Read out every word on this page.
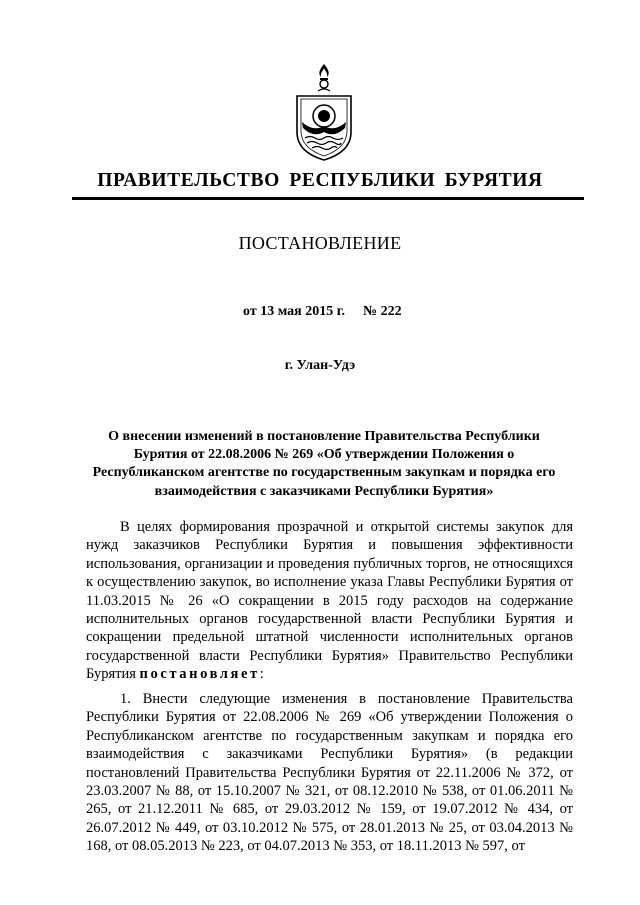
ПРАВИТЕЛЬСТВО РЕСПУБЛИКИ БУРЯТИЯ
ПОСТАНОВЛЕНИЕ
от 13 мая 2015 г. № 222
г. Улан-Удэ
О внесении изменений в постановление Правительства Республики Бурятия от 22.08.2006 № 269 «Об утверждении Положения о Республиканском агентстве по государственным закупкам и порядка его взаимодействия с заказчиками Республики Бурятия»
В целях формирования прозрачной и открытой системы закупок для нужд заказчиков Республики Бурятия и повышения эффективности использования, организации и проведения публичных торгов, не относящихся к осуществлению закупок, во исполнение указа Главы Республики Бурятия от 11.03.2015 № 26 «О сокращении в 2015 году расходов на содержание исполнительных органов государственной власти Республики Бурятия и сокращении предельной штатной численности исполнительных органов государственной власти Республики Бурятия» Правительство Республики Бурятия постановляет:
1. Внести следующие изменения в постановление Правительства Республики Бурятия от 22.08.2006 № 269 «Об утверждении Положения о Республиканском агентстве по государственным закупкам и порядка его взаимодействия с заказчиками Республики Бурятия» (в редакции постановлений Правительства Республики Бурятия от 22.11.2006 № 372, от 23.03.2007 № 88, от 15.10.2007 № 321, от 08.12.2010 № 538, от 01.06.2011 № 265, от 21.12.2011 № 685, от 29.03.2012 № 159, от 19.07.2012 № 434, от 26.07.2012 № 449, от 03.10.2012 № 575, от 28.01.2013 № 25, от 03.04.2013 № 168, от 08.05.2013 № 223, от 04.07.2013 № 353, от 18.11.2013 № 597, от
